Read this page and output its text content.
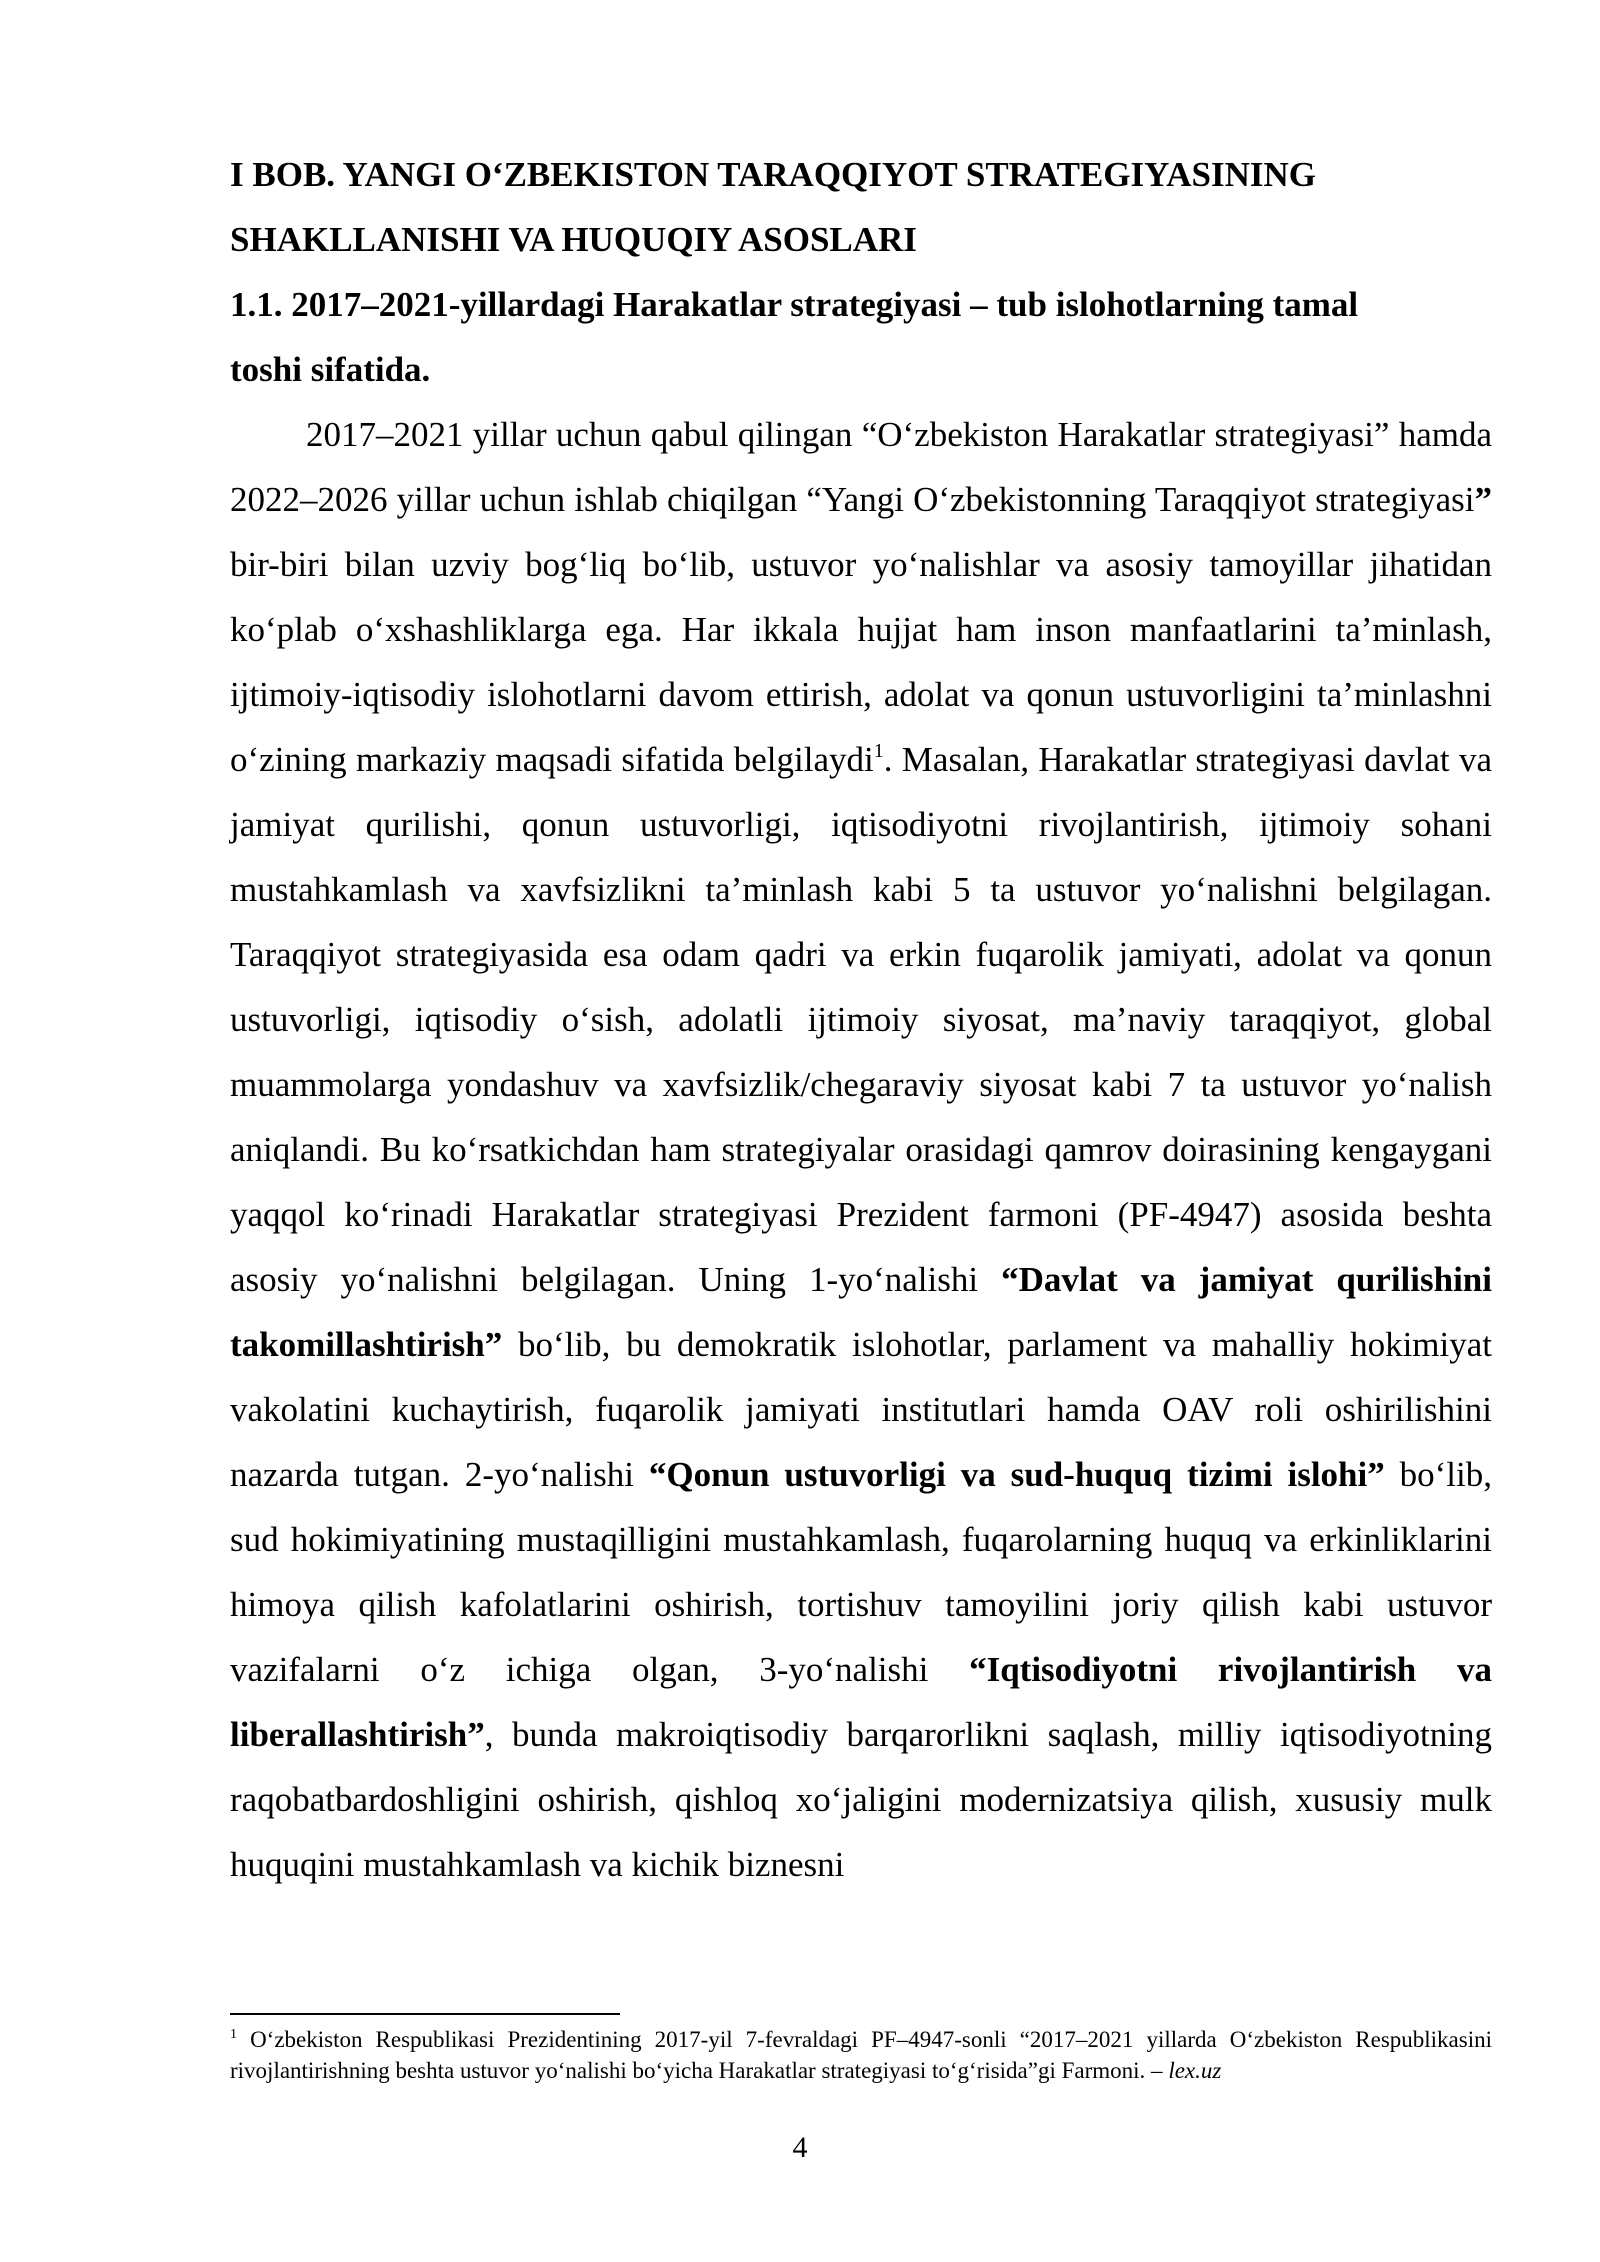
I BOB. YANGI O‘ZBEKISTON TARAQQIYOT STRATEGIYASINING
SHAKLLANISHI VA HUQUQIY ASOSLARI

1.1. 2017–2021-yillardagi Harakatlar strategiyasi – tub islohotlarning tamal
toshi sifatida.

2017–2021 yillar uchun qabul qilingan “O‘zbekiston Harakatlar strategiyasi” hamda 2022–2026 yillar uchun ishlab chiqilgan “Yangi O‘zbekistonning Taraqqiyot strategiyasi” bir-biri bilan uzviy bog‘liq bo‘lib, ustuvor yo‘nalishlar va asosiy tamoyillar jihatidan ko‘plab o‘xshashliklarga ega. Har ikkala hujjat ham inson manfaatlarini ta’minlash, ijtimoiy-iqtisodiy islohotlarni davom ettirish, adolat va qonun ustuvorligini ta’minlashni o‘zining markaziy maqsadi sifatida belgilaydi$^1$. Masalan, Harakatlar strategiyasi davlat va jamiyat qurilishi, qonun ustuvorligi, iqtisodiyotni rivojlantirish, ijtimoiy sohani mustahkamlash va xavfsizlikni ta’minlash kabi 5 ta ustuvor yo‘nalishni belgilagan. Taraqqiyot strategiyasida esa odam qadri va erkin fuqarolik jamiyati, adolat va qonun ustuvorligi, iqtisodiy o‘sish, adolatli ijtimoiy siyosat, ma’naviy taraqqiyot, global muammolarga yondashuv va xavfsizlik/chegaraviy siyosat kabi 7 ta ustuvor yo‘nalish aniqlandi. Bu ko‘rsatkichdan ham strategiyalar orasidagi qamrov doirasining kengaygani yaqqol ko‘rinadi Harakatlar strategiyasi Prezident farmoni (PF-4947) asosida beshta asosiy yo‘nalishni belgilagan. Uning 1-yo‘nalishi “Davlat va jamiyat qurilishini takomillashtirish” bo‘lib, bu demokratik islohotlar, parlament va mahalliy hokimiyat vakolatini kuchaytirish, fuqarolik jamiyati institutlari hamda OAV roli oshirilishini nazarda tutgan. 2-yo‘nalishi “Qonun ustuvorligi va sud-huquq tizimi islohi” bo‘lib, sud hokimiyatining mustaqilligini mustahkamlash, fuqarolarning huquq va erkinliklarini himoya qilish kafolatlarini oshirish, tortishuv tamoyilini joriy qilish kabi ustuvor vazifalarni o‘z ichiga olgan, 3-yo‘nalishi “Iqtisodiyotni rivojlantirish va liberallashtirish”, bunda makroiqtisodiy barqarorlikni saqlash, milliy iqtisodiyotning raqobatbardoshligini oshirish, qishloq xo‘jaligini modernizatsiya qilish, xususiy mulk huquqini mustahkamlash va kichik biznesni

$^1$ O‘zbekiston Respublikasi Prezidentining 2017-yil 7-fevraldagi PF–4947-sonli “2017–2021 yillarda O‘zbekiston Respublikasini rivojlantirishning beshta ustuvor yo‘nalishi bo‘yicha Harakatlar strategiyasi to‘g‘risida”gi Farmoni. – lex.uz
4
